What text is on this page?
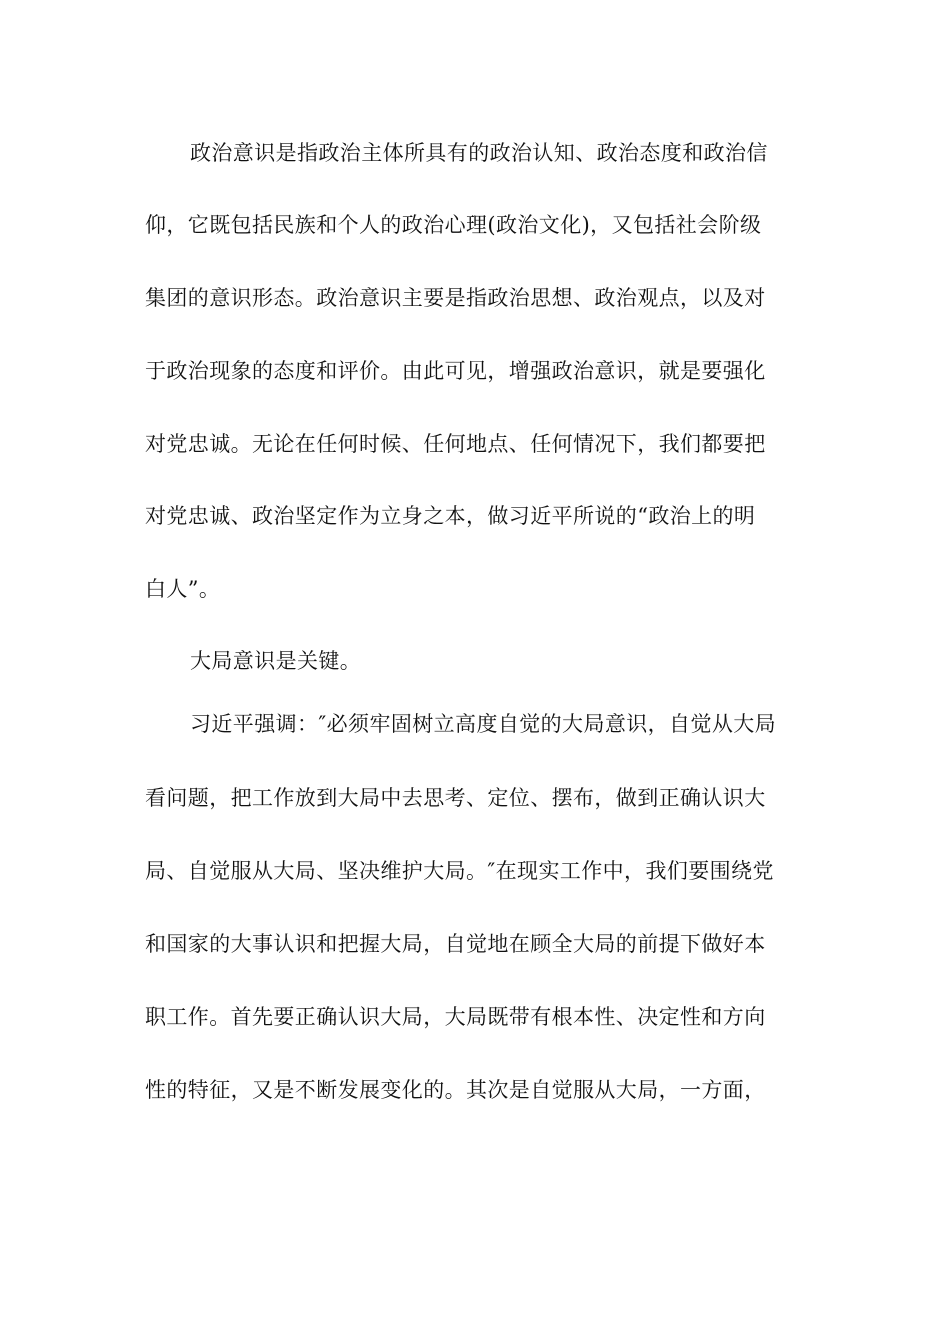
政治意识是指政治主体所具有的政治认知、政治态度和政治信
仰，它既包括民族和个人的政治心理(政治文化)，又包括社会阶级
集团的意识形态。政治意识主要是指政治思想、政治观点，以及对
于政治现象的态度和评价。由此可见，增强政治意识，就是要强化
对党忠诚。无论在任何时候、任何地点、任何情况下，我们都要把
对党忠诚、政治坚定作为立身之本，做习近平所说的“政治上的明
白人”。
大局意识是关键。
习近平强调：″必须牢固树立高度自觉的大局意识，自觉从大局
看问题，把工作放到大局中去思考、定位、摆布，做到正确认识大
局、自觉服从大局、坚决维护大局。″在现实工作中，我们要围绕党
和国家的大事认识和把握大局，自觉地在顾全大局的前提下做好本
职工作。首先要正确认识大局，大局既带有根本性、决定性和方向
性的特征，又是不断发展变化的。其次是自觉服从大局，一方面，
